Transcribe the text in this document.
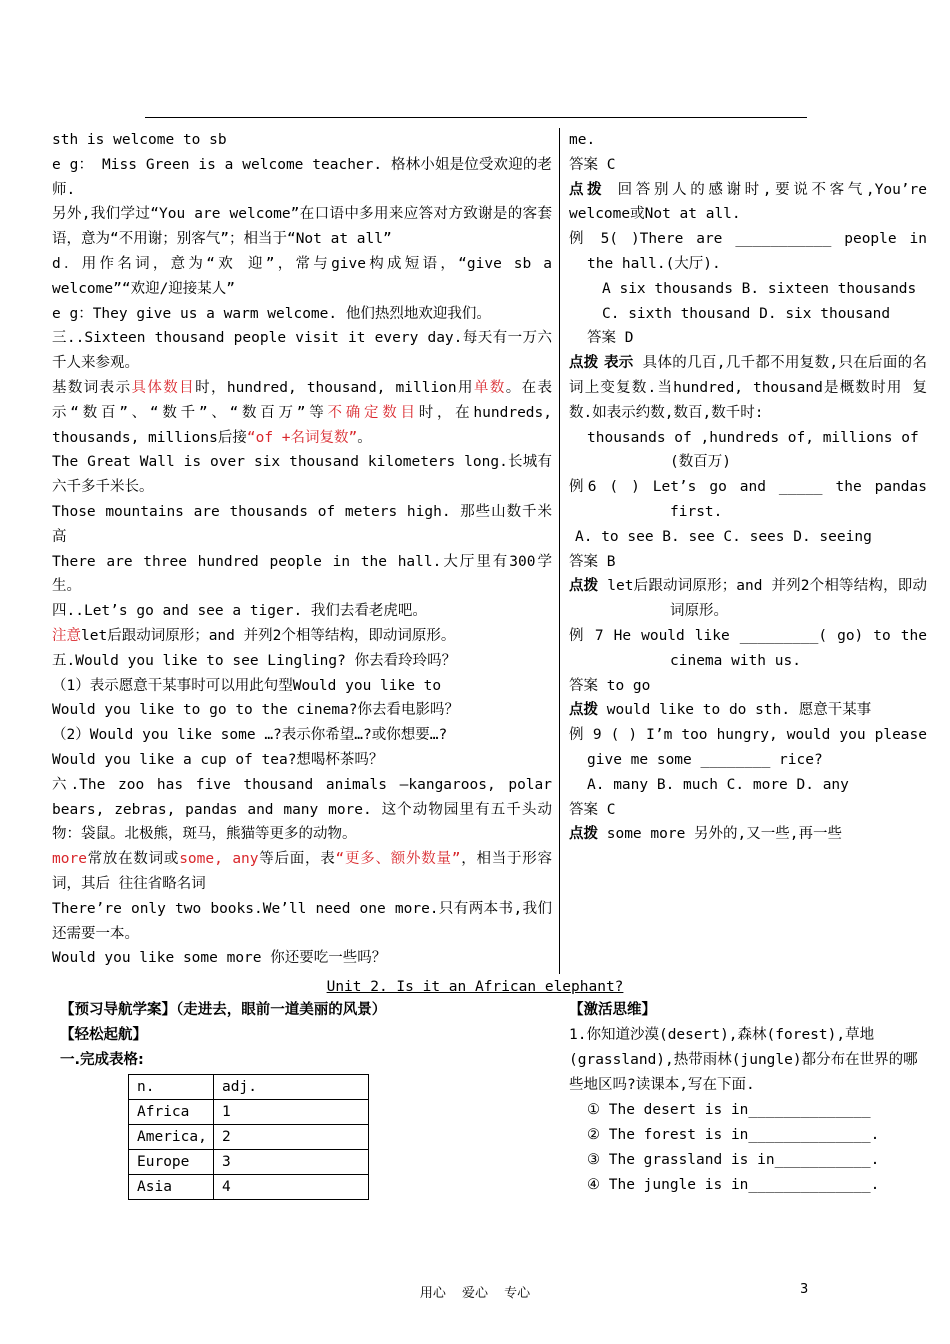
sth is welcome to sb

e g： Miss Green is a welcome teacher. 格林小姐是位受欢迎的老师.

另外,我们学过“You are welcome”在口语中多用来应答对方致谢是的客套语，意为“不用谢；别客气”；相当于“Not at all”

d．用作名词，意为“欢 迎”，常与give构成短语，“give sb a welcome”“欢迎/迎接某人”

e g：They give us a warm welcome. 他们热烈地欢迎我们。

三..Sixteen thousand people visit it every day.每天有一万六千人来参观。

基数词表示具体数目时，hundred, thousand, million用单数。在表示“数百”、“数千”、“数百万”等不确定数目时，在hundreds, thousands, millions后接“of +名词复数”。

The Great Wall is over six thousand kilometers long.长城有六千多千米长。

Those mountains are thousands of meters high. 那些山数千米高

There are three hundred people in the hall.大厅里有300学生。

四..Let’s go and see a tiger. 我们去看老虎吧。

注意let后跟动词原形；and 并列2个相等结构，即动词原形。

五.Would you like to see Lingling? 你去看玲玲吗？

（1）表示愿意干某事时可以用此句型Would you like to

Would you like to go to the cinema?你去看电影吗？

（2）Would you like some …?表示你希望…?或你想要…?

Would you like a cup of tea?想喝杯茶吗？

六.The zoo has five thousand animals –kangaroos, polar bears, zebras, pandas and many more. 这个动物园里有五千头动物：袋鼠。北极熊，斑马，熊猫等更多的动物。

more常放在数词或some, any等后面，表“更多、额外数量”，相当于形容词，其后 往往省略名词

There’re only two books.We’ll need one more.只有两本书,我们还需要一本。

Would you like some more 你还要吃一些吗？

me.

答案 C

点拨 回答别人的感谢时,要说不客气,You’re welcome或Not at all.

例 5( )There are ___________ people in the hall.(大厅).

A six thousands B. sixteen thousands

C. sixth thousand D. six thousand

答案 D

点拨 表示 具体的几百,几千都不用复数,只在后面的名词上变复数.当hundred, thousand是概数时用 复数.如表示约数,数百,数千时:

thousands of ,hundreds of, millions of

(数百万)

例6 ( ) Let’s go and _____ the pandas first.

A. to see B. see C. sees D. seeing

答案 B

点拨 let后跟动词原形；and 并列2个相等结构，即动词原形。

例 7 He would like _________( go) to the cinema with us.

答案 to go

点拨 would like to do sth. 愿意干某事

例 9 ( ) I’m too hungry, would you please give me some ________ rice?

A. many B. much C. more D. any

答案 C

点拨 some more 另外的,又一些,再一些

Unit 2. Is it an African elephant?

【预习导航学案】（走进去，眼前一道美丽的风景）

【轻松起航】

一.完成表格:

n.	adj.
Africa	1
America,	2
Europe	3
Asia	4

【激活思维】

1.你知道沙漠(desert),森林(forest),草地(grassland),热带雨林(jungle)都分布在世界的哪些地区吗?读课本,写在下面.

① The desert is in______________

② The forest is in______________.

③ The grassland is in___________.

④ The jungle is in______________.

用心 爱心 专心	3
